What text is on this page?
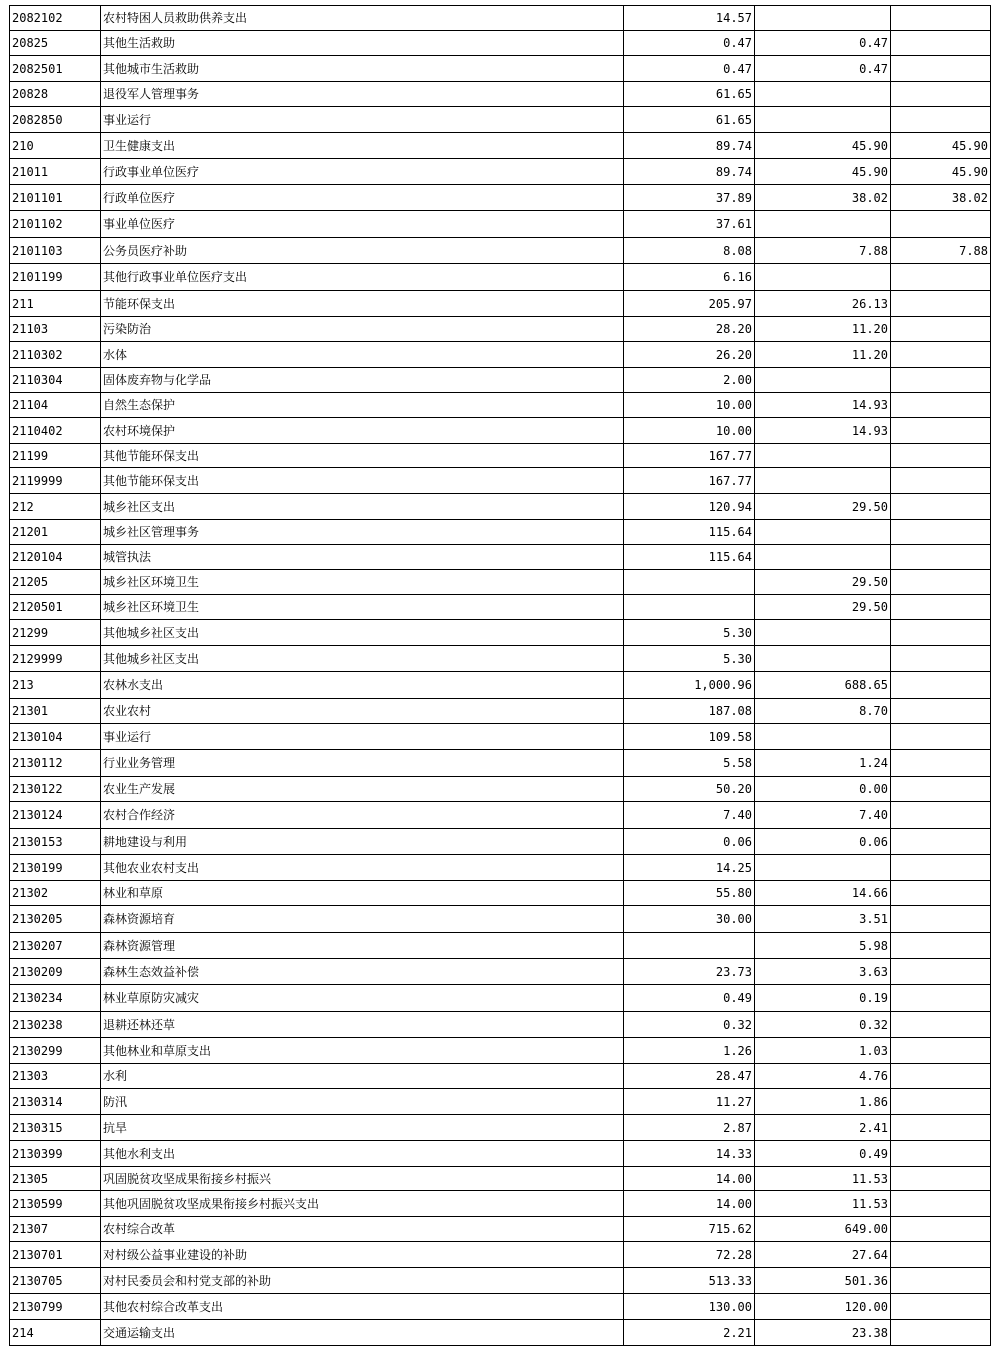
2082102	农村特困人员救助供养支出	14.57			
20825	其他生活救助	0.47	0.47		
2082501	其他城市生活救助	0.47	0.47		
20828	退役军人管理事务	61.65			
2082850	事业运行	61.65			
210	卫生健康支出	89.74	45.90	45.90	
21011	行政事业单位医疗	89.74	45.90	45.90	
2101101	行政单位医疗	37.89	38.02	38.02	
2101102	事业单位医疗	37.61			
2101103	公务员医疗补助	8.08	7.88	7.88	
2101199	其他行政事业单位医疗支出	6.16			
211	节能环保支出	205.97	26.13		
21103	污染防治	28.20	11.20		
2110302	水体	26.20	11.20		
2110304	固体废弃物与化学品	2.00			
21104	自然生态保护	10.00	14.93		
2110402	农村环境保护	10.00	14.93		
21199	其他节能环保支出	167.77			
2119999	其他节能环保支出	167.77			
212	城乡社区支出	120.94	29.50		
21201	城乡社区管理事务	115.64			
2120104	城管执法	115.64			
21205	城乡社区环境卫生		29.50		
2120501	城乡社区环境卫生		29.50		
21299	其他城乡社区支出	5.30			
2129999	其他城乡社区支出	5.30			
213	农林水支出	1,000.96	688.65		
21301	农业农村	187.08	8.70		
2130104	事业运行	109.58			
2130112	行业业务管理	5.58	1.24		
2130122	农业生产发展	50.20	0.00		
2130124	农村合作经济	7.40	7.40		
2130153	耕地建设与利用	0.06	0.06		
2130199	其他农业农村支出	14.25			
21302	林业和草原	55.80	14.66		
2130205	森林资源培育	30.00	3.51		
2130207	森林资源管理		5.98		
2130209	森林生态效益补偿	23.73	3.63		
2130234	林业草原防灾减灾	0.49	0.19		
2130238	退耕还林还草	0.32	0.32		
2130299	其他林业和草原支出	1.26	1.03		
21303	水利	28.47	4.76		
2130314	防汛	11.27	1.86		
2130315	抗旱	2.87	2.41		
2130399	其他水利支出	14.33	0.49		
21305	巩固脱贫攻坚成果衔接乡村振兴	14.00	11.53		
2130599	其他巩固脱贫攻坚成果衔接乡村振兴支出	14.00	11.53		
21307	农村综合改革	715.62	649.00		
2130701	对村级公益事业建设的补助	72.28	27.64		
2130705	对村民委员会和村党支部的补助	513.33	501.36		
2130799	其他农村综合改革支出	130.00	120.00		
214	交通运输支出	2.21	23.38		
